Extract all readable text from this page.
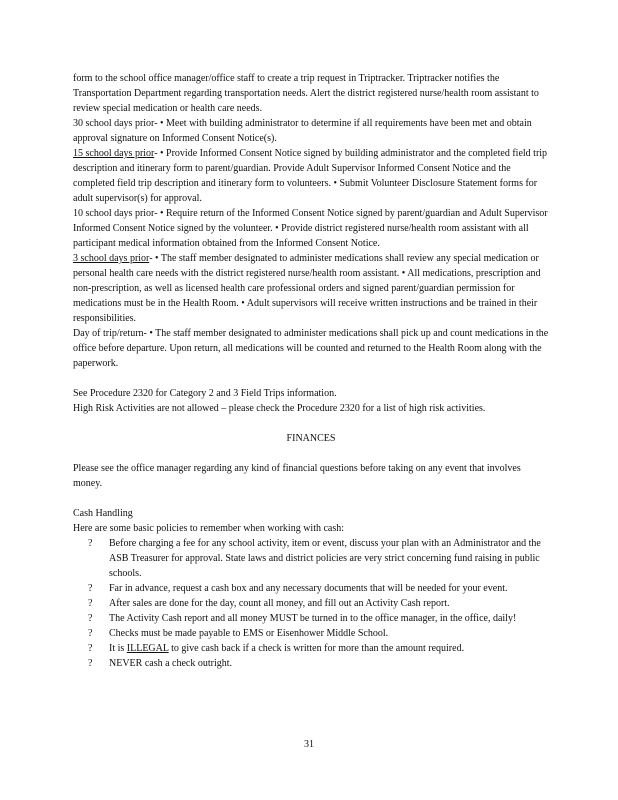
form to the school office manager/office staff to create a trip request in Triptracker. Triptracker notifies the Transportation Department regarding transportation needs. Alert the district registered nurse/health room assistant to review special medication or health care needs.

30 school days prior- • Meet with building administrator to determine if all requirements have been met and obtain approval signature on Informed Consent Notice(s).

15 school days prior- • Provide Informed Consent Notice signed by building administrator and the completed field trip description and itinerary form to parent/guardian. Provide Adult Supervisor Informed Consent Notice and the completed field trip description and itinerary form to volunteers. • Submit Volunteer Disclosure Statement forms for adult supervisor(s) for approval.

10 school days prior- • Require return of the Informed Consent Notice signed by parent/guardian and Adult Supervisor Informed Consent Notice signed by the volunteer. • Provide district registered nurse/health room assistant with all participant medical information obtained from the Informed Consent Notice.

3 school days prior- • The staff member designated to administer medications shall review any special medication or personal health care needs with the district registered nurse/health room assistant. • All medications, prescription and non-prescription, as well as licensed health care professional orders and signed parent/guardian permission for medications must be in the Health Room. • Adult supervisors will receive written instructions and be trained in their responsibilities.

Day of trip/return- • The staff member designated to administer medications shall pick up and count medications in the office before departure. Upon return, all medications will be counted and returned to the Health Room along with the paperwork.

See Procedure 2320 for Category 2 and 3 Field Trips information.

High Risk Activities are not allowed – please check the Procedure 2320 for a list of high risk activities.

FINANCES

Please see the office manager regarding any kind of financial questions before taking on any event that involves money.

Cash Handling

Here are some basic policies to remember when working with cash:

? Before charging a fee for any school activity, item or event, discuss your plan with an Administrator and the ASB Treasurer for approval. State laws and district policies are very strict concerning fund raising in public schools.
? Far in advance, request a cash box and any necessary documents that will be needed for your event.
? After sales are done for the day, count all money, and fill out an Activity Cash report.
? The Activity Cash report and all money MUST be turned in to the office manager, in the office, daily!
? Checks must be made payable to EMS or Eisenhower Middle School.
? It is ILLEGAL to give cash back if a check is written for more than the amount required.
? NEVER cash a check outright.
31
